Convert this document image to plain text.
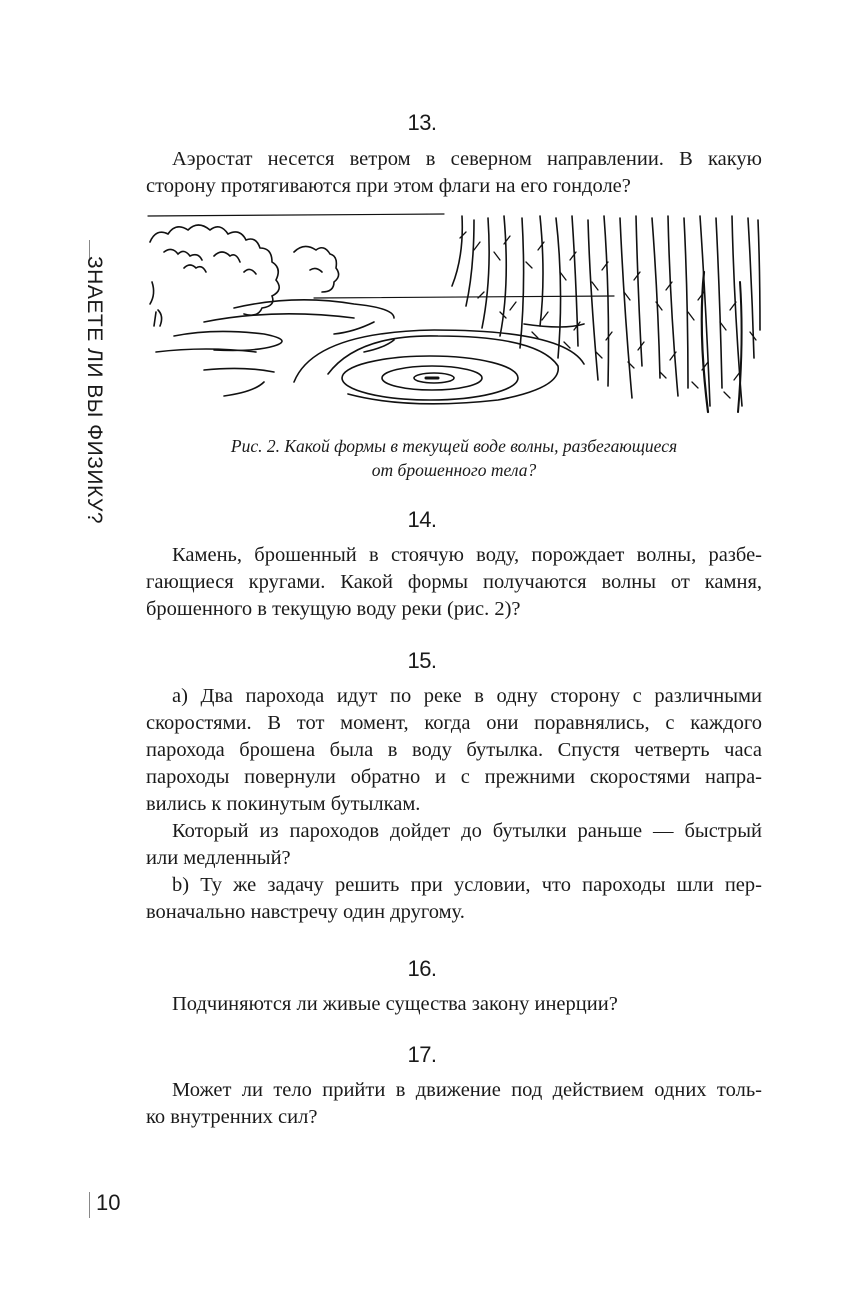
ЗНАЕТЕ ЛИ ВЫ ФИЗИКУ?
13.

Аэростат несется ветром в северном направлении. В какую
сторону протягиваются при этом флаги на его гондоле?

Рис. 2. Какой формы в текущей воде волны, разбегающиеся
от брошенного тела?
14.

Камень, брошенный в стоячую воду, порождает волны, разбе-
гающиеся кругами. Какой формы получаются волны от камня,
брошенного в текущую воду реки (рис. 2)?

15.

a) Два парохода идут по реке в одну сторону с различными
скоростями. В тот момент, когда они поравнялись, с каждого
парохода брошена была в воду бутылка. Спустя четверть часа
пароходы повернули обратно и с прежними скоростями напра-
вились к покинутым бутылкам.
Который из пароходов дойдет до бутылки раньше — быстрый
или медленный?
b) Ту же задачу решить при условии, что пароходы шли пер-
воначально навстречу один другому.

16.

Подчиняются ли живые существа закону инерции?

17.

Может ли тело прийти в движение под действием одних толь-
ко внутренних сил?

10
